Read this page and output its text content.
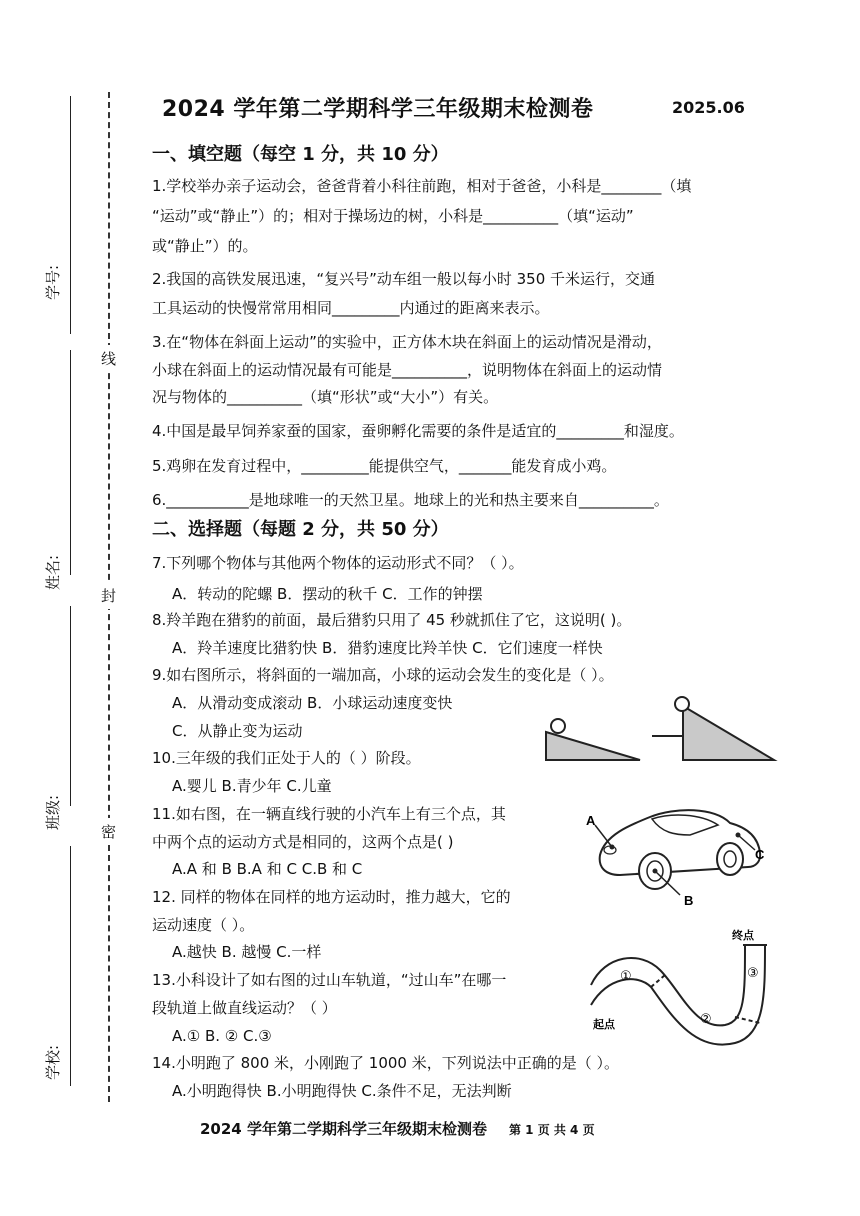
学号:
姓名:
班级:
学校:
线
封
密
2024 学年第二学期科学三年级期末检测卷	2025.06
一、填空题（每空 1 分，共 10 分）
1.学校举办亲子运动会，爸爸背着小科往前跑，相对于爸爸，小科是________（填
“运动”或“静止”）的；相对于操场边的树，小科是__________（填“运动”
或“静止”）的。
2.我国的高铁发展迅速，“复兴号”动车组一般以每小时 350 千米运行，交通
工具运动的快慢常常用相同_________内通过的距离来表示。
3.在“物体在斜面上运动”的实验中，正方体木块在斜面上的运动情况是滑动，
小球在斜面上的运动情况最有可能是__________，说明物体在斜面上的运动情
况与物体的__________（填“形状”或“大小”）有关。
4.中国是最早饲养家蚕的国家，蚕卵孵化需要的条件是适宜的_________和湿度。
5.鸡卵在发育过程中，_________能提供空气，_______能发育成小鸡。
6.___________是地球唯一的天然卫星。地球上的光和热主要来自__________。
二、选择题（每题 2 分，共 50 分）
7.下列哪个物体与其他两个物体的运动形式不同？（ ）。
A．转动的陀螺 B．摆动的秋千 C．工作的钟摆
8.羚羊跑在猎豹的前面，最后猎豹只用了 45 秒就抓住了它，这说明( )。
A．羚羊速度比猎豹快 B．猎豹速度比羚羊快 C．它们速度一样快
9.如右图所示，将斜面的一端加高，小球的运动会发生的变化是（ ）。
A．从滑动变成滚动 B．小球运动速度变快
C．从静止变为运动
10.三年级的我们正处于人的（ ）阶段。
A.婴儿 B.青少年 C.儿童
11.如右图，在一辆直线行驶的小汽车上有三个点，其
中两个点的运动方式是相同的，这两个点是( )
A.A 和 B B.A 和 C C.B 和 C
12. 同样的物体在同样的地方运动时，推力越大，它的
运动速度（ ）。
A.越快 B. 越慢 C.一样
13.小科设计了如右图的过山车轨道，“过山车”在哪一
段轨道上做直线运动？（ ）
A.① B. ② C.③
14.小明跑了 800 米，小刚跑了 1000 米，下列说法中正确的是（ ）。
A.小明跑得快 B.小明跑得快 C.条件不足，无法判断
A
B
C
终点
起点
①
②
③
2024 学年第二学期科学三年级期末检测卷 第 1 页 共 4 页
